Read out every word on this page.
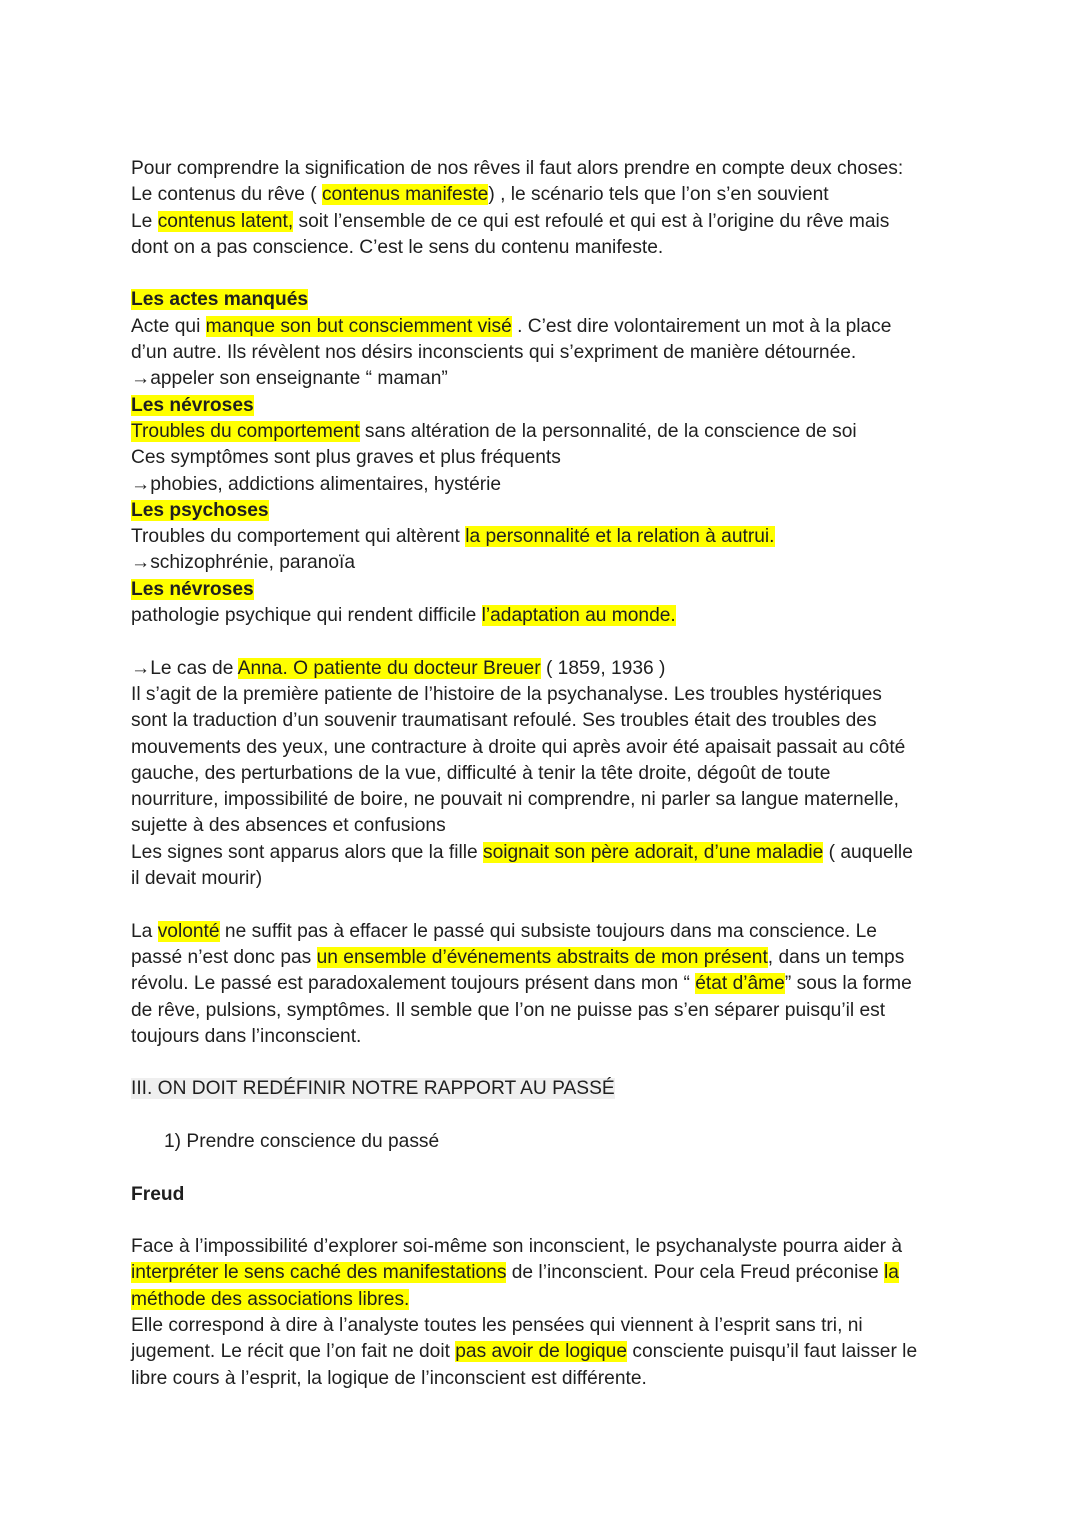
Pour comprendre la signification de nos rêves il faut alors prendre en compte deux choses:
Le contenus du rêve ( contenus manifeste) , le scénario tels que l’on s’en souvient
Le contenus latent, soit l’ensemble de ce qui est refoulé et qui est à l’origine du rêve mais
dont on a pas conscience. C’est le sens du contenu manifeste.
Les actes manqués
Acte qui manque son but consciemment visé . C’est dire volontairement un mot à la place
d’un autre. Ils révèlent nos désirs inconscients qui s’expriment de manière détournée.
→appeler son enseignante “ maman”
Les névroses
Troubles du comportement sans altération de la personnalité, de la conscience de soi
Ces symptômes sont plus graves et plus fréquents
→phobies, addictions alimentaires, hystérie
Les psychoses
Troubles du comportement qui altèrent la personnalité et la relation à autrui.
→schizophrénie, paranoïa
Les névroses
pathologie psychique qui rendent difficile l’adaptation au monde.
→Le cas de Anna. O patiente du docteur Breuer ( 1859, 1936 )
Il s’agit de la première patiente de l’histoire de la psychanalyse. Les troubles hystériques
sont la traduction d’un souvenir traumatisant refoulé. Ses troubles était des troubles des
mouvements des yeux, une contracture à droite qui après avoir été apaisait passait au côté
gauche, des perturbations de la vue, difficulté à tenir la tête droite, dégoût de toute
nourriture, impossibilité de boire, ne pouvait ni comprendre, ni parler sa langue maternelle,
sujette à des absences et confusions
Les signes sont apparus alors que la fille soignait son père adorait, d’une maladie ( auquelle
il devait mourir)
La volonté ne suffit pas à effacer le passé qui subsiste toujours dans ma conscience. Le
passé n’est donc pas un ensemble d’événements abstraits de mon présent, dans un temps
révolu. Le passé est paradoxalement toujours présent dans mon “ état d’âme” sous la forme
de rêve, pulsions, symptômes. Il semble que l’on ne puisse pas s’en séparer puisqu’il est
toujours dans l’inconscient.
III. ON DOIT REDÉFINIR NOTRE RAPPORT AU PASSÉ
1) Prendre conscience du passé
Freud
Face à l’impossibilité d’explorer soi-même son inconscient, le psychanalyste pourra aider à
interpréter le sens caché des manifestations de l’inconscient. Pour cela Freud préconise la
méthode des associations libres.
Elle correspond à dire à l’analyste toutes les pensées qui viennent à l’esprit sans tri, ni
jugement. Le récit que l’on fait ne doit pas avoir de logique consciente puisqu’il faut laisser le
libre cours à l’esprit, la logique de l’inconscient est différente.
